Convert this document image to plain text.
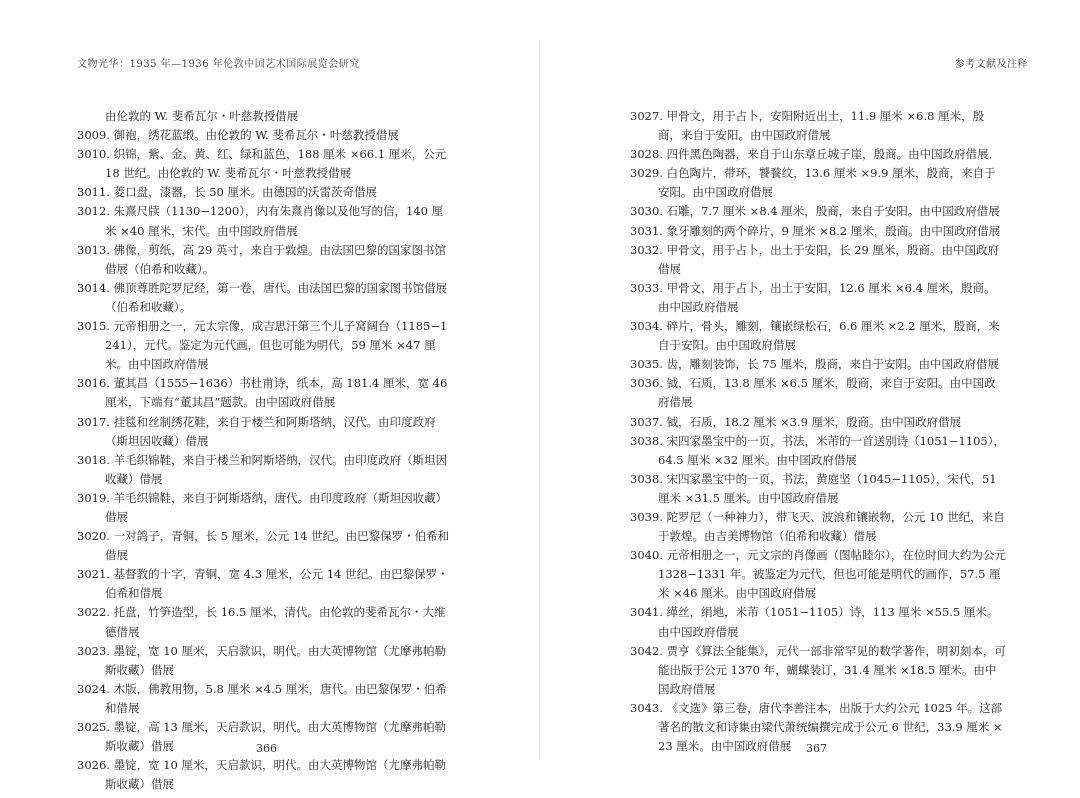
文物光华：1935 年—1936 年伦敦中国艺术国际展览会研究

由伦敦的 W. 斐希瓦尔・叶慈教授借展

3009. 御袍，绣花蓝缎。由伦敦的 W. 斐希瓦尔・叶慈教授借展

3010. 织锦，紫、金、黄、红、绿和蓝色，188 厘米 ×66.1 厘米，公元 18 世纪。由伦敦的 W. 斐希瓦尔・叶慈教授借展

3011. 菱口盘，漆器，长 50 厘米。由德国的沃雷茨奇借展

3012. 朱熹尺牍（1130−1200），内有朱熹肖像以及他写的信，140 厘米 ×40 厘米，宋代。由中国政府借展

3013. 佛像，剪纸，高 29 英寸，来自于敦煌。由法国巴黎的国家图书馆借展（伯希和收藏）。

3014. 佛顶尊胜陀罗尼经，第一卷，唐代。由法国巴黎的国家图书馆借展（伯希和收藏）。

3015. 元帝相册之一，元太宗像，成吉思汗第三个儿子窝阔台（1185−1241），元代。鉴定为元代画，但也可能为明代，59 厘米 ×47 厘米。由中国政府借展

3016. 董其昌（1555−1636）书杜甫诗，纸本，高 181.4 厘米，宽 46 厘米，下端有“董其昌”题款。由中国政府借展

3017. 挂毯和丝制绣花鞋，来自于楼兰和阿斯塔纳，汉代。由印度政府（斯坦因收藏）借展

3018. 羊毛织锦鞋，来自于楼兰和阿斯塔纳，汉代。由印度政府（斯坦因收藏）借展

3019. 羊毛织锦鞋，来自于阿斯塔纳，唐代。由印度政府（斯坦因收藏）借展

3020. 一对鸽子，青铜，长 5 厘米，公元 14 世纪。由巴黎保罗・伯希和借展

3021. 基督教的十字，青铜，宽 4.3 厘米，公元 14 世纪。由巴黎保罗・伯希和借展

3022. 托盘，竹笋造型，长 16.5 厘米，清代。由伦敦的斐希瓦尔・大维德借展

3023. 墨锭，宽 10 厘米，天启款识，明代。由大英博物馆（尤摩弗帕勒斯收藏）借展

3024. 木版，佛教用物，5.8 厘米 ×4.5 厘米，唐代。由巴黎保罗・伯希和借展

3025. 墨锭，高 13 厘米，天启款识，明代。由大英博物馆（尤摩弗帕勒斯收藏）借展

3026. 墨锭，宽 10 厘米，天启款识，明代。由大英博物馆（尤摩弗帕勒斯收藏）借展

366
参考文献及注释

3027. 甲骨文，用于占卜，安阳附近出土，11.9 厘米 ×6.8 厘米，殷商，来自于安阳。由中国政府借展

3028. 四件黑色陶器，来自于山东章丘城子崖，殷商。由中国政府借展．

3029. 白色陶片，带环，饕餮纹，13.6 厘米 ×9.9 厘米，殷商，来自于安阳。由中国政府借展

3030. 石雕，7.7 厘米 ×8.4 厘米，殷商，来自于安阳。由中国政府借展

3031. 象牙雕刻的两个碎片，9 厘米 ×8.2 厘米，殷商。由中国政府借展

3032. 甲骨文，用于占卜，出土于安阳，长 29 厘米，殷商。由中国政府借展

3033. 甲骨文，用于占卜，出土于安阳，12.6 厘米 ×6.4 厘米，殷商。由中国政府借展

3034. 碎片，骨头，雕刻，镶嵌绿松石，6.6 厘米 ×2.2 厘米，殷商，来自于安阳。由中国政府借展

3035. 齿，雕刻装饰，长 75 厘米，殷商，来自于安阳。由中国政府借展

3036. 钺，石质，13.8 厘米 ×6.5 厘米，殷商，来自于安阳。由中国政府借展

3037. 钺，石质，18.2 厘米 ×3.9 厘米，殷商。由中国政府借展

3038. 宋四家墨宝中的一页，书法，米芾的一首送别诗（1051−1105），64.5 厘米 ×32 厘米。由中国政府借展

3038. 宋四家墨宝中的一页，书法，黄庭坚（1045−1105），宋代，51 厘米 ×31.5 厘米。由中国政府借展

3039. 陀罗尼（一种神力），带飞天、波浪和镶嵌物，公元 10 世纪，来自于敦煌。由吉美博物馆（伯希和收藏）借展

3040. 元帝相册之一，元文宗的肖像画（图帖睦尔），在位时间大约为公元 1328−1331 年。被鉴定为元代，但也可能是明代的画作，57.5 厘米 ×46 厘米。由中国政府借展

3041. 缂丝，绢地，米芾（1051−1105）诗，113 厘米 ×55.5 厘米。由中国政府借展

3042. 贾亨《算法全能集》，元代一部非常罕见的数学著作，明初刻本，可能出版于公元 1370 年，蝴蝶装订，31.4 厘米 ×18.5 厘米。由中国政府借展

3043. 《文选》第三卷，唐代李善注本，出版于大约公元 1025 年。这部著名的散文和诗集由梁代萧统编撰完成于公元 6 世纪，33.9 厘米 ×23 厘米。由中国政府借展	367
